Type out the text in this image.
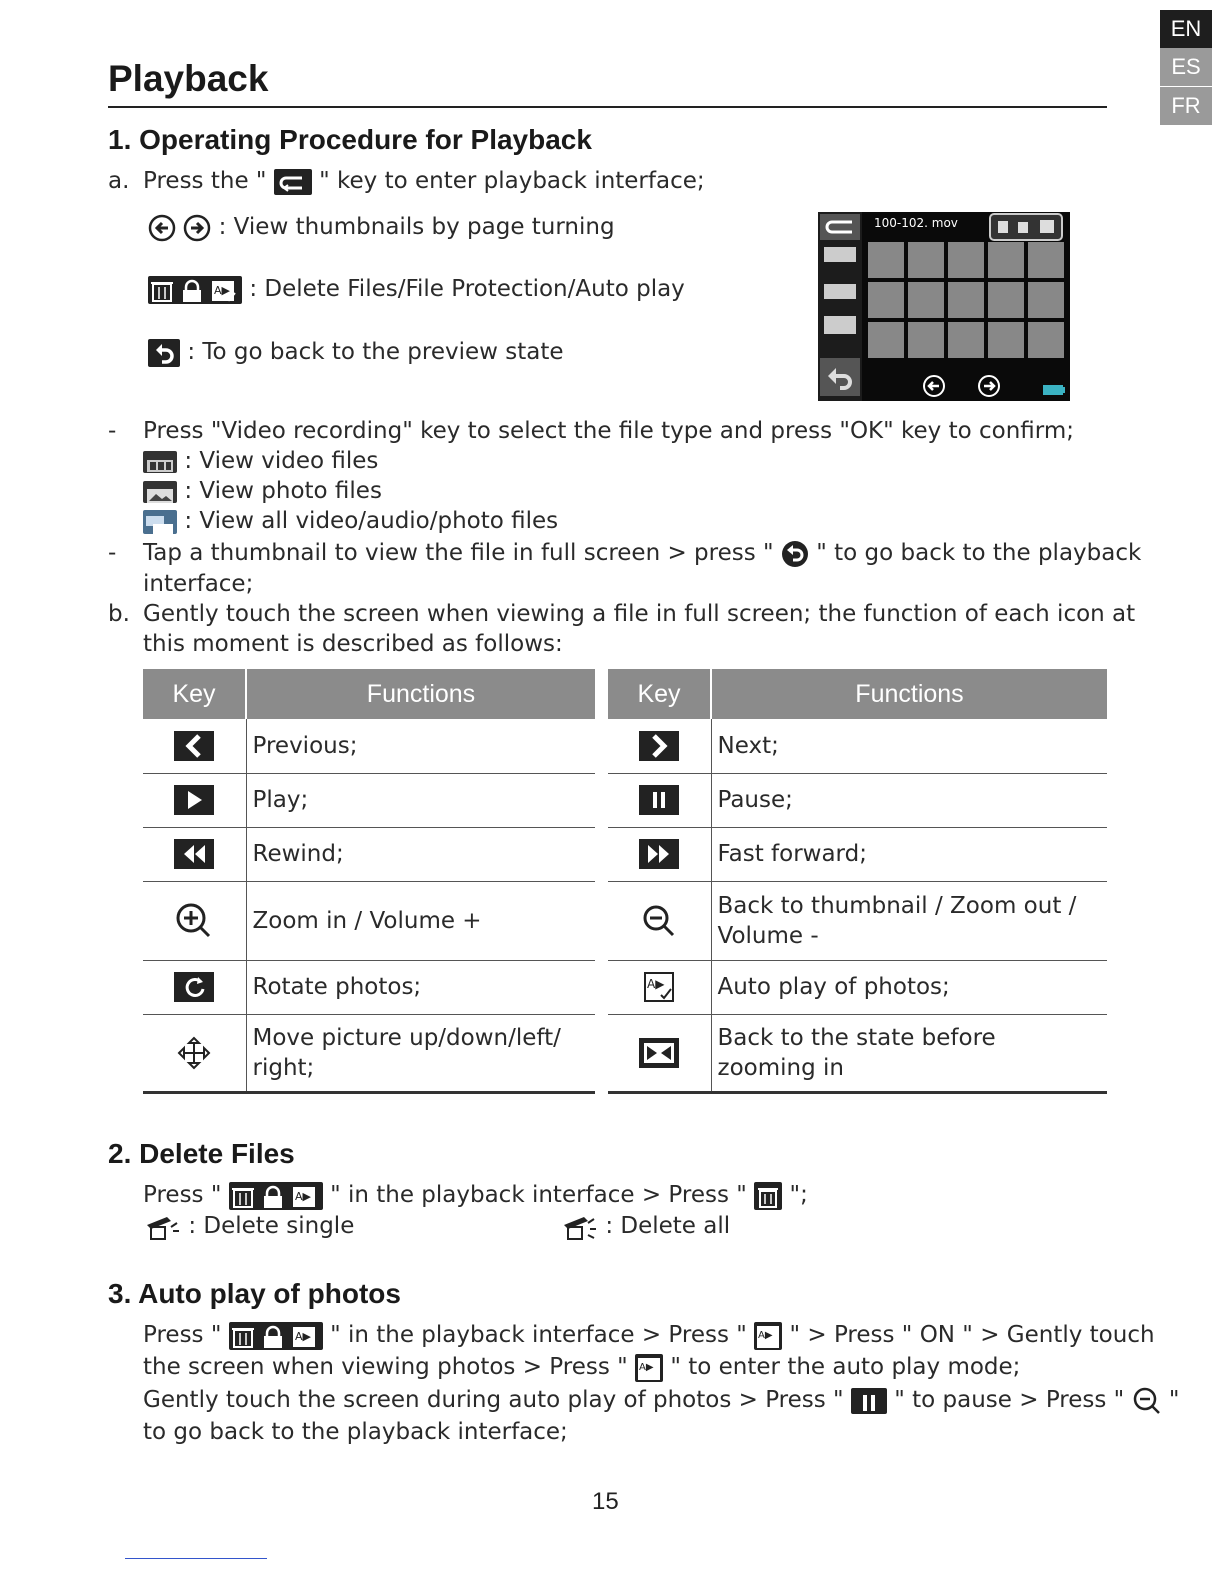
EN
ES
FR
Playback
1. Operating Procedure for Playback
a. Press the " " key to enter playback interface;
: View thumbnails by page turning
A▶ : Delete Files/File Protection/Auto play
: To go back to the preview state
100-102. mov
- Press "Video recording" key to select the file type and press "OK" key to confirm;
: View video files
: View photo files
: View all video/audio/photo files
- Tap a thumbnail to view the file in full screen > press " " to go back to the playback
interface;
b. Gently touch the screen when viewing a file in full screen; the function of each icon at
this moment is described as follows:
Key	Functions
	Previous;
	Play;
	Rewind;
	Zoom in / Volume +
	Rotate photos;
	Move picture up/down/left/
right;
Key	Functions
	Next;
	Pause;
	Fast forward;
	Back to thumbnail / Zoom out /
Volume -

A▶	Auto play of photos;
	Back to the state before zooming in
2. Delete Files
Press "	A▶ " in the playback interface > Press " ";
: Delete single	: Delete all
3. Auto play of photos
Press "	A▶ " in the playback interface > Press " A▶ " > Press " ON " > Gently touch
the screen when viewing photos > Press " A▶ " to enter the auto play mode;
Gently touch the screen during auto play of photos > Press " " to pause > Press " "
to go back to the playback interface;
15
